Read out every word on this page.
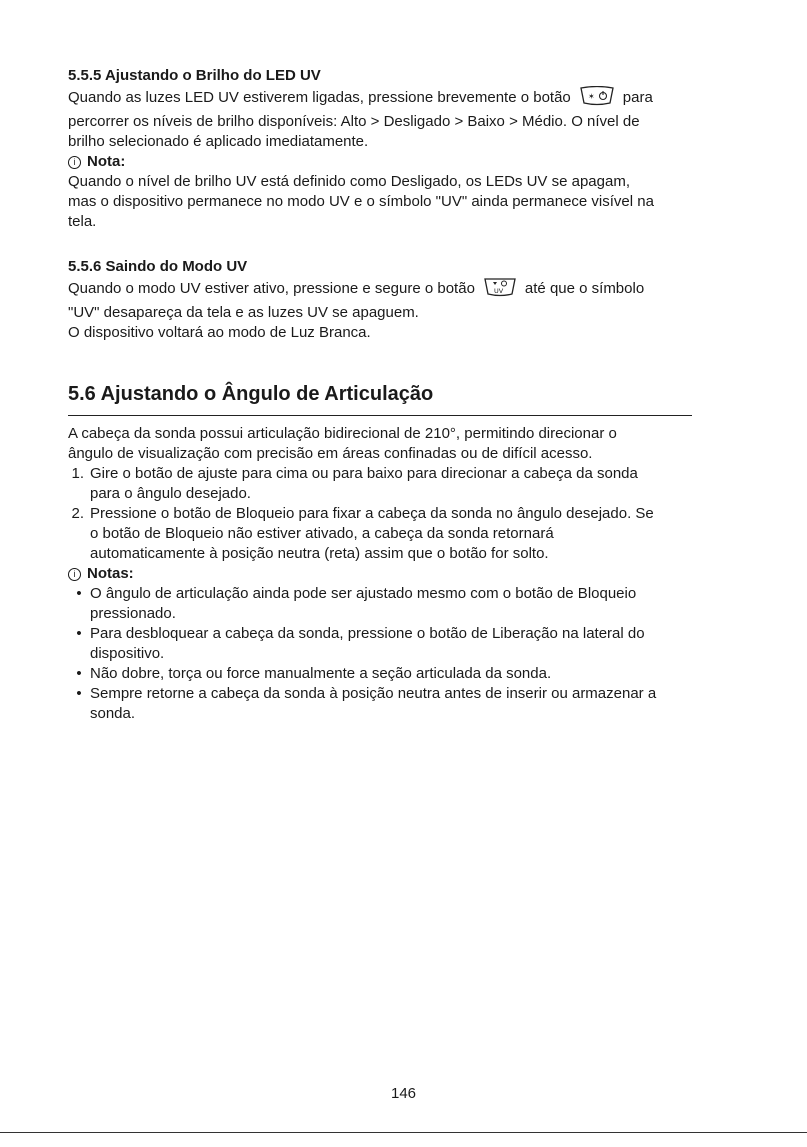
5.5.5 Ajustando o Brilho do LED UV
Quando as luzes LED UV estiverem ligadas, pressione brevemente o botão ✶ para
percorrer os níveis de brilho disponíveis: Alto > Desligado > Baixo > Médio. O nível de
brilho selecionado é aplicado imediatamente.
i Nota:
Quando o nível de brilho UV está definido como Desligado, os LEDs UV se apagam,
mas o dispositivo permanece no modo UV e o símbolo "UV" ainda permanece visível na
tela.
5.5.6 Saindo do Modo UV
Quando o modo UV estiver ativo, pressione e segure o botão	UV até que o símbolo
"UV" desapareça da tela e as luzes UV se apaguem.
O dispositivo voltará ao modo de Luz Branca.
5.6 Ajustando o Ângulo de Articulação
A cabeça da sonda possui articulação bidirecional de 210°, permitindo direcionar o
ângulo de visualização com precisão em áreas confinadas ou de difícil acesso.
1. Gire o botão de ajuste para cima ou para baixo para direcionar a cabeça da sonda
para o ângulo desejado.
2. Pressione o botão de Bloqueio para fixar a cabeça da sonda no ângulo desejado. Se
o botão de Bloqueio não estiver ativado, a cabeça da sonda retornará
automaticamente à posição neutra (reta) assim que o botão for solto.
i Notas:
• O ângulo de articulação ainda pode ser ajustado mesmo com o botão de Bloqueio
pressionado.
• Para desbloquear a cabeça da sonda, pressione o botão de Liberação na lateral do
dispositivo.
• Não dobre, torça ou force manualmente a seção articulada da sonda.
• Sempre retorne a cabeça da sonda à posição neutra antes de inserir ou armazenar a
sonda.
146
